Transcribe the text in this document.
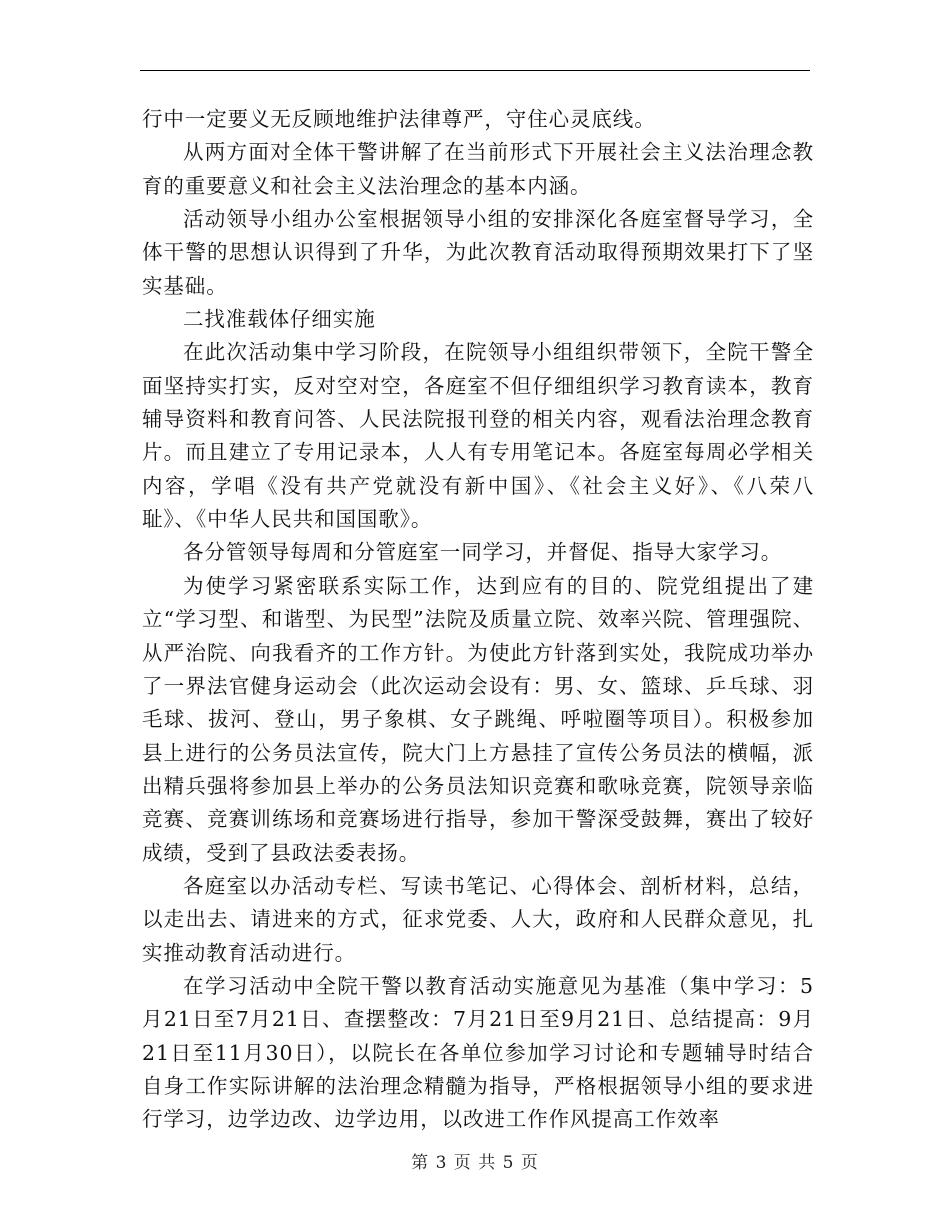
行中一定要义无反顾地维护法律尊严，守住心灵底线。

从两方面对全体干警讲解了在当前形式下开展社会主义法治理念教育的重要意义和社会主义法治理念的基本内涵。

活动领导小组办公室根据领导小组的安排深化各庭室督导学习，全体干警的思想认识得到了升华，为此次教育活动取得预期效果打下了坚实基础。

二找准载体仔细实施

在此次活动集中学习阶段，在院领导小组组织带领下，全院干警全面坚持实打实，反对空对空，各庭室不但仔细组织学习教育读本，教育辅导资料和教育问答、人民法院报刊登的相关内容，观看法治理念教育片。而且建立了专用记录本，人人有专用笔记本。各庭室每周必学相关内容，学唱《没有共产党就没有新中国》、《社会主义好》、《八荣八耻》、《中华人民共和国国歌》。

各分管领导每周和分管庭室一同学习，并督促、指导大家学习。

为使学习紧密联系实际工作，达到应有的目的、院党组提出了建立“学习型、和谐型、为民型”法院及质量立院、效率兴院、管理强院、从严治院、向我看齐的工作方针。为使此方针落到实处，我院成功举办了一界法官健身运动会（此次运动会设有：男、女、篮球、乒乓球、羽毛球、拔河、登山，男子象棋、女子跳绳、呼啦圈等项目）。积极参加县上进行的公务员法宣传，院大门上方悬挂了宣传公务员法的横幅，派出精兵强将参加县上举办的公务员法知识竞赛和歌咏竞赛，院领导亲临竞赛、竞赛训练场和竞赛场进行指导，参加干警深受鼓舞，赛出了较好成绩，受到了县政法委表扬。

各庭室以办活动专栏、写读书笔记、心得体会、剖析材料，总结，以走出去、请进来的方式，征求党委、人大，政府和人民群众意见，扎实推动教育活动进行。

在学习活动中全院干警以教育活动实施意见为基准（集中学习：5月21日至7月21日、查摆整改：7月21日至9月21日、总结提高：9月21日至11月30日），以院长在各单位参加学习讨论和专题辅导时结合自身工作实际讲解的法治理念精髓为指导，严格根据领导小组的要求进行学习，边学边改、边学边用，以改进工作作风提高工作效率

第 3 页 共 5 页
